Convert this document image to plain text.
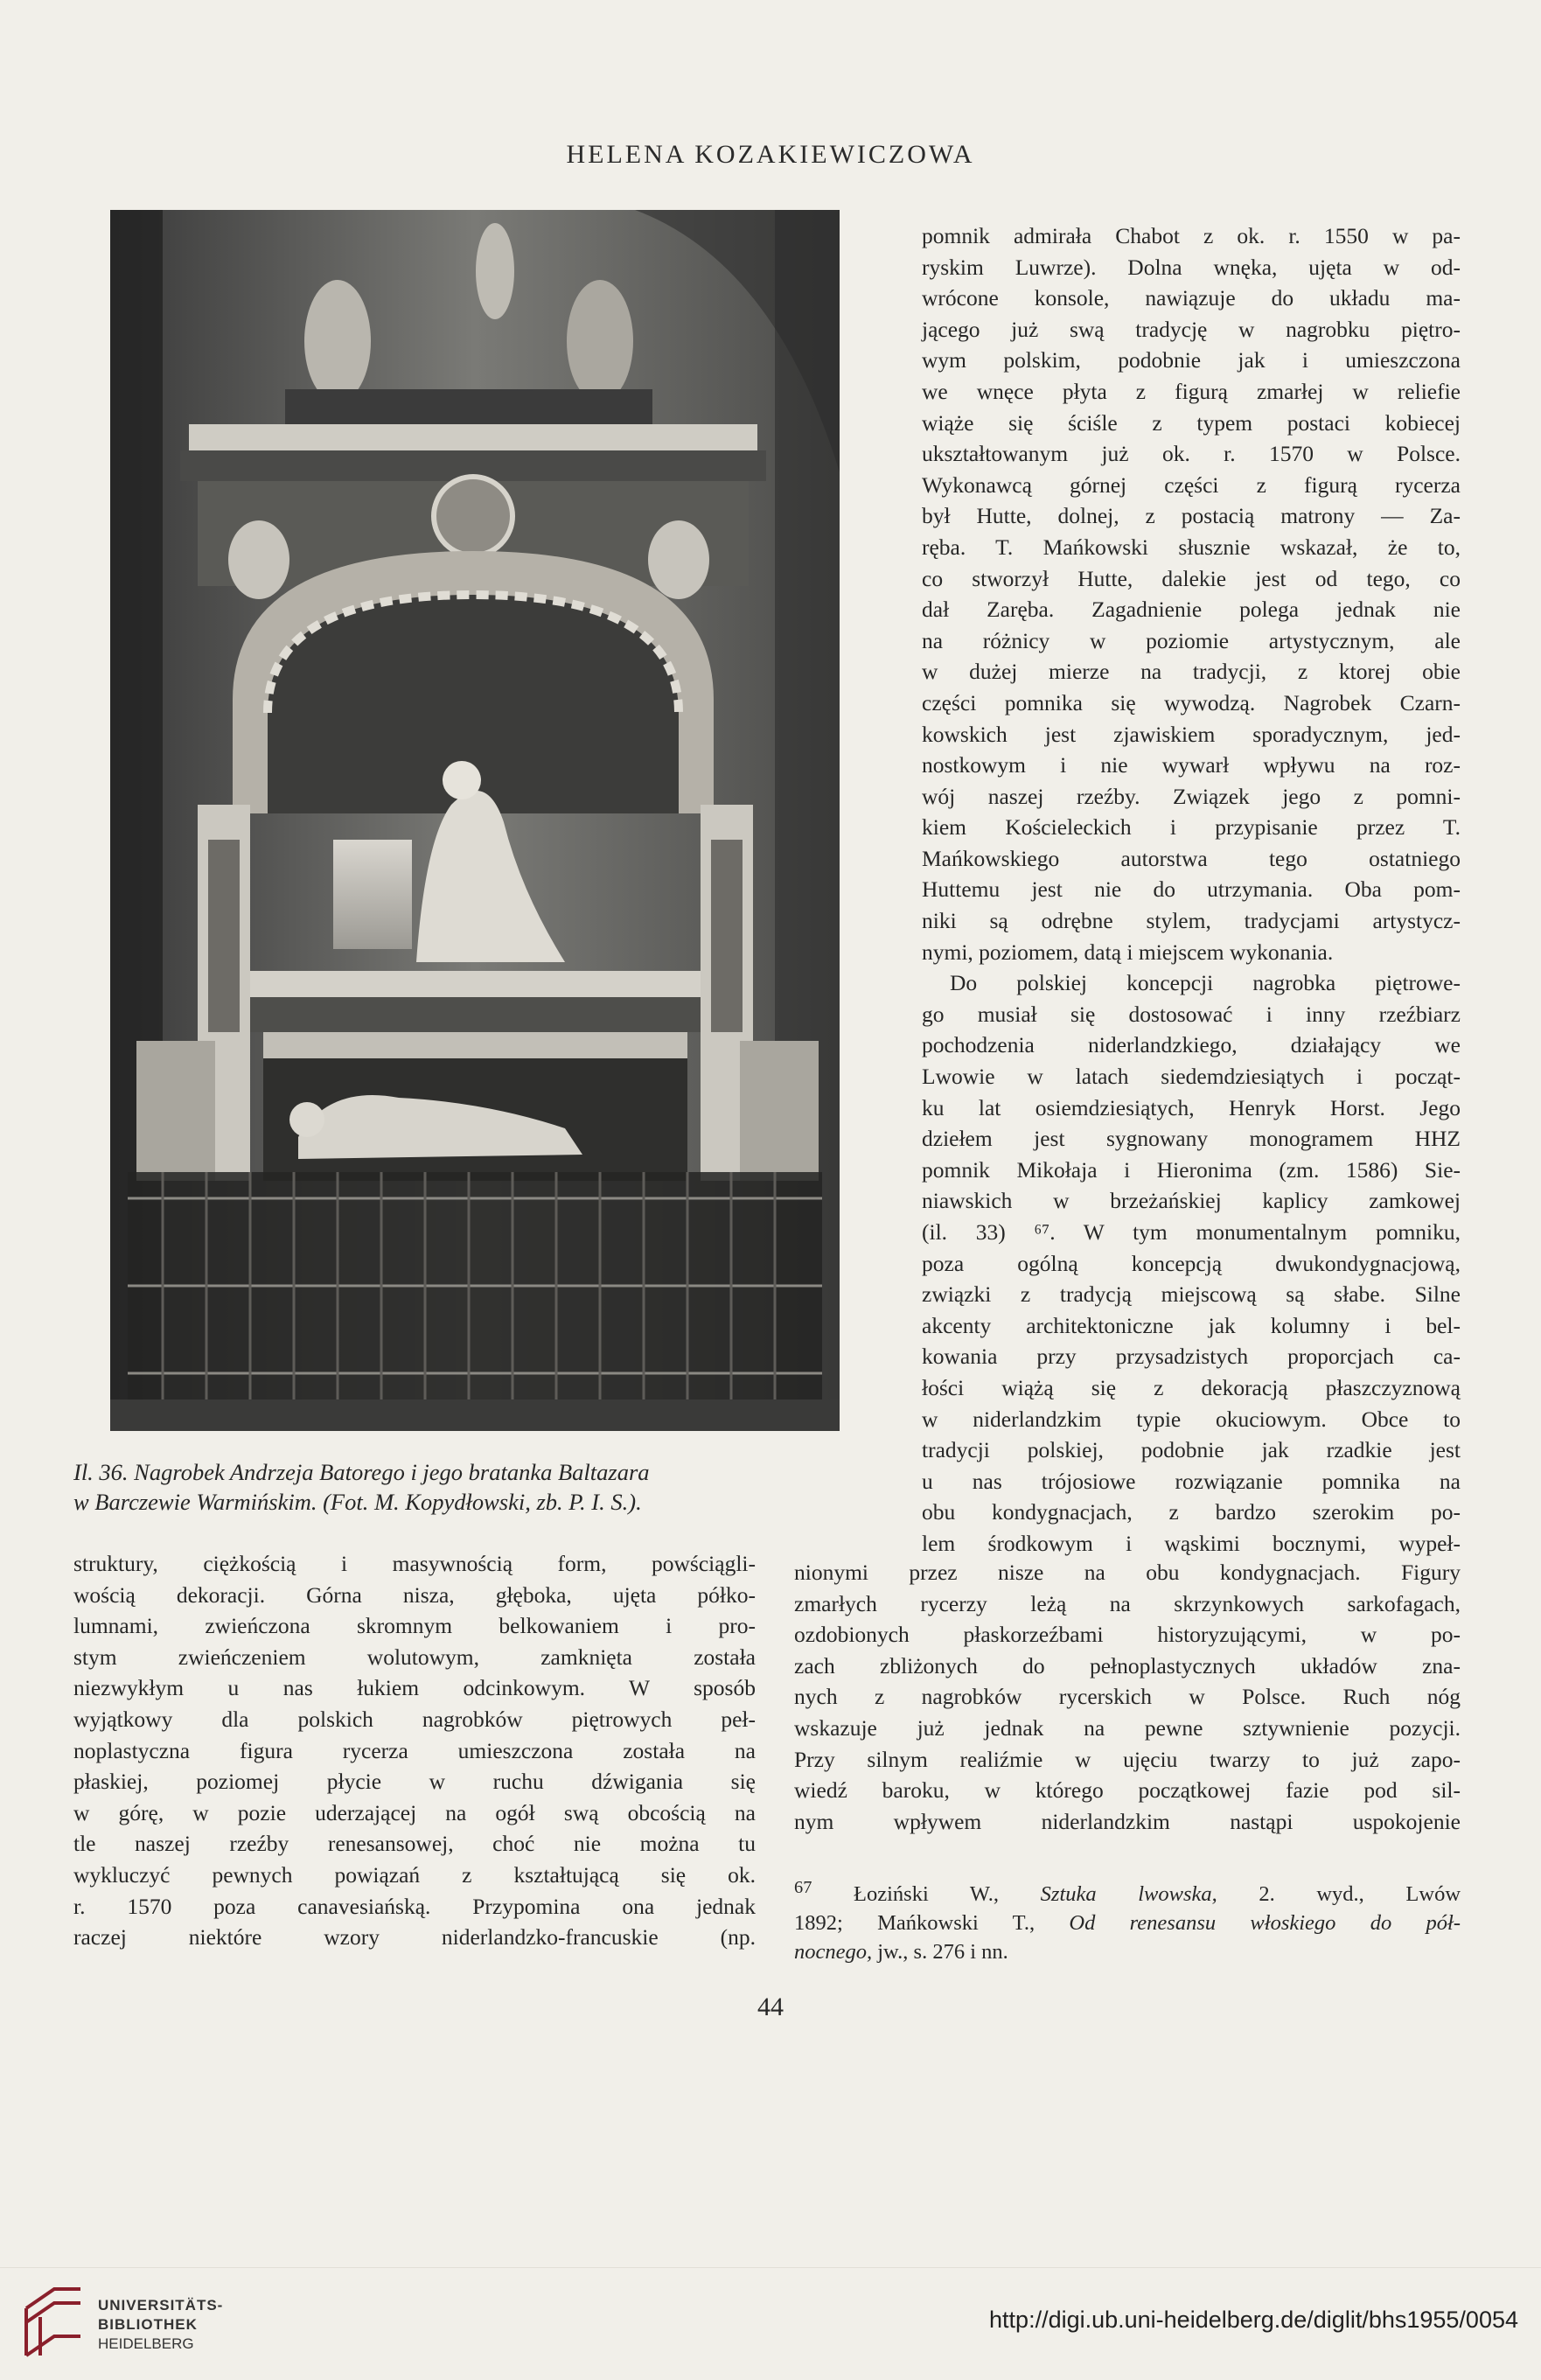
HELENA KOZAKIEWICZOWA
Il. 36. Nagrobek Andrzeja Batorego i jego bratanka Baltazara
w Barczewie Warmińskim. (Fot. M. Kopydłowski, zb. P. I. S.).
pomnik admirała Chabot z ok. r. 1550 w pa-
ryskim Luwrze). Dolna wnęka, ujęta w od-
wrócone konsole, nawiązuje do układu ma-
jącego już swą tradycję w nagrobku piętro-
wym polskim, podobnie jak i umieszczona
we wnęce płyta z figurą zmarłej w reliefie
wiąże się ściśle z typem postaci kobiecej
ukształtowanym już ok. r. 1570 w Polsce.
Wykonawcą górnej części z figurą rycerza
był Hutte, dolnej, z postacią matrony — Za-
ręba. T. Mańkowski słusznie wskazał, że to,
co stworzył Hutte, dalekie jest od tego, co
dał Zaręba. Zagadnienie polega jednak nie
na różnicy w poziomie artystycznym, ale
w dużej mierze na tradycji, z ktorej obie
części pomnika się wywodzą. Nagrobek Czarn-
kowskich jest zjawiskiem sporadycznym, jed-
nostkowym i nie wywarł wpływu na roz-
wój naszej rzeźby. Związek jego z pomni-
kiem Kościeleckich i przypisanie przez T.
Mańkowskiego autorstwa tego ostatniego
Huttemu jest nie do utrzymania. Oba pom-
niki są odrębne stylem, tradycjami artystycz-
nymi, poziomem, datą i miejscem wykonania.
Do polskiej koncepcji nagrobka piętrowe-
go musiał się dostosować i inny rzeźbiarz
pochodzenia niderlandzkiego, działający we
Lwowie w latach siedemdziesiątych i począt-
ku lat osiemdziesiątych, Henryk Horst. Jego
dziełem jest sygnowany monogramem HHZ
pomnik Mikołaja i Hieronima (zm. 1586) Sie-
niawskich w brzeżańskiej kaplicy zamkowej
(il. 33) ⁶⁷. W tym monumentalnym pomniku,
poza ogólną koncepcją dwukondygnacjową,
związki z tradycją miejscową są słabe. Silne
akcenty architektoniczne jak kolumny i bel-
kowania przy przysadzistych proporcjach ca-
łości wiążą się z dekoracją płaszczyznową
w niderlandzkim typie okuciowym. Obce to
tradycji polskiej, podobnie jak rzadkie jest
u nas trójosiowe rozwiązanie pomnika na
obu kondygnacjach, z bardzo szerokim po-
lem środkowym i wąskimi bocznymi, wypeł-
struktury, ciężkością i masywnością form, powściągli-
wością dekoracji. Górna nisza, głęboka, ujęta półko-
lumnami, zwieńczona skromnym belkowaniem i pro-
stym zwieńczeniem wolutowym, zamknięta została
niezwykłym u nas łukiem odcinkowym. W sposób
wyjątkowy dla polskich nagrobków piętrowych peł-
noplastyczna figura rycerza umieszczona została na
płaskiej, poziomej płycie w ruchu dźwigania się
w górę, w pozie uderzającej na ogół swą obcością na
tle naszej rzeźby renesansowej, choć nie można tu
wykluczyć pewnych powiązań z kształtującą się ok.
r. 1570 poza canavesiańską. Przypomina ona jednak
raczej niektóre wzory niderlandzko-francuskie (np.
nionymi przez nisze na obu kondygnacjach. Figury
zmarłych rycerzy leżą na skrzynkowych sarkofagach,
ozdobionych płaskorzeźbami historyzującymi, w po-
zach zbliżonych do pełnoplastycznych układów zna-
nych z nagrobków rycerskich w Polsce. Ruch nóg
wskazuje już jednak na pewne sztywnienie pozycji.
Przy silnym realiźmie w ujęciu twarzy to już zapo-
wiedź baroku, w którego początkowej fazie pod sil-
nym wpływem niderlandzkim nastąpi uspokojenie
$^{67}$ Łoziński W., Sztuka lwowska, 2. wyd., Lwów
1892; Mańkowski T., Od renesansu włoskiego do pół-
nocnego, jw., s. 276 i nn.
44
UNIVERSITÄTS-
BIBLIOTHEK
HEIDELBERG
http://digi.ub.uni-heidelberg.de/diglit/bhs1955/0054
